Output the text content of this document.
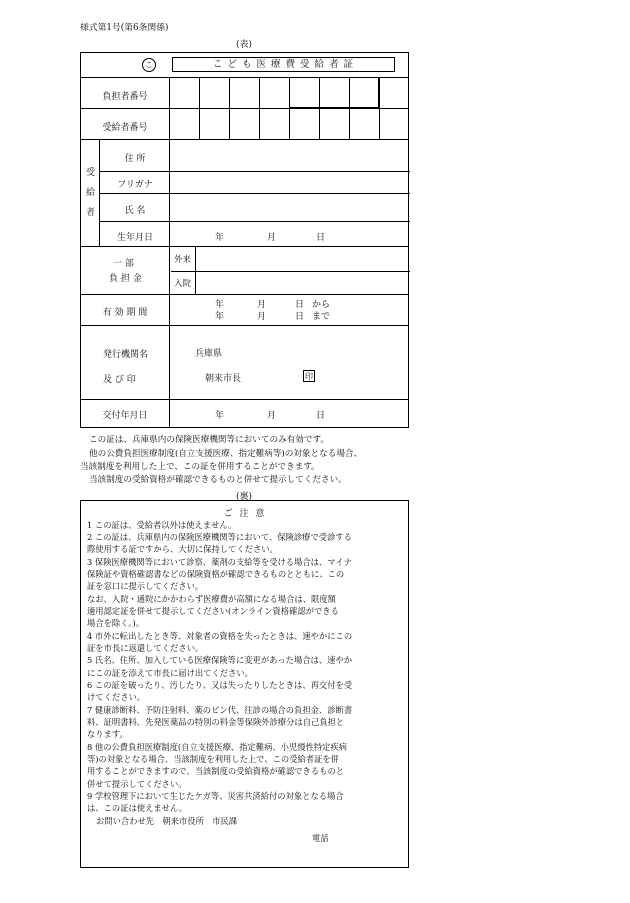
様式第1号(第6条関係)
(表)
こ	こ ど も 医 療 費 受 給 者 証
負担者番号
受給者番号
受
給
者
住 所
フリガナ
氏 名
生年月日	年	月	日
一 部
負 担 金
外来
入院
有 効 期 間
年	月	日 から
年	月	日 まで
発行機関名
及 び 印
兵庫県
朝来市長	印
交付年月日	年	月	日
この証は、兵庫県内の保険医療機関等においてのみ有効です。
他の公費負担医療制度(自立支援医療、指定難病等)の対象となる場合、
当該制度を利用した上で、この証を併用することができます。
当該制度の受給資格が確認できるものと併せて提示してください。
(裏)
ご 注 意
1 この証は、受給者以外は使えません。
2 この証は、兵庫県内の保険医療機関等において、保険診療で受診する
際使用する証ですから、大切に保持してください。
3 保険医療機関等において診察、薬剤の支給等を受ける場合は、マイナ
保険証や資格確認書などの保険資格が確認できるものとともに、この
証を窓口に提示してください。
なお、入院・通院にかかわらず医療費が高額になる場合は、限度額
適用認定証を併せて提示してください(オンライン資格確認ができる
場合を除く。)。
4 市外に転出したとき等、対象者の資格を失ったときは、速やかにこの
証を市長に返還してください。
5 氏名、住所、加入している医療保険等に変更があった場合は、速やか
にこの証を添えて市長に届け出てください。
6 この証を破ったり、汚したり、又は失ったりしたときは、再交付を受
けてください。
7 健康診断料、予防注射料、薬のビン代、往診の場合の負担金、診断書
料、証明書料、先発医薬品の特別の料金等保険外診療分は自己負担と
なります。
8 他の公費負担医療制度(自立支援医療、指定難病、小児慢性特定疾病
等)の対象となる場合、当該制度を利用した上で、この受給者証を併
用することができますので、当該制度の受給資格が確認できるものと
併せて提示してください。
9 学校管理下において生じたケガ等、災害共済給付の対象となる場合
は、この証は使えません。
お問い合わせ先　朝来市役所　市民課
電話
